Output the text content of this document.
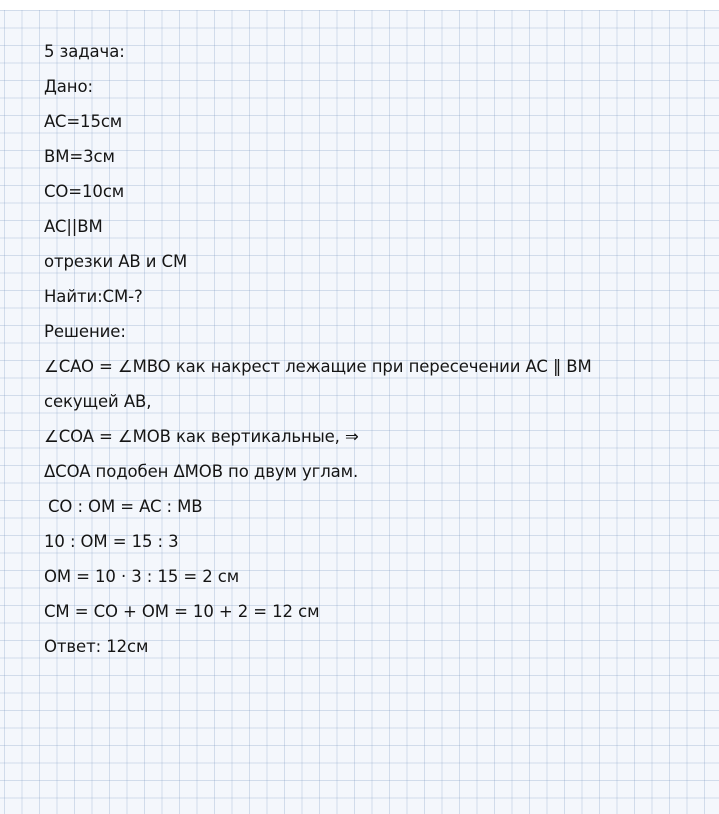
5 задача:
Дано:
AC=15см
BM=3см
CO=10см
AC||BM
отрезки AB и CM
Найти:CM-?
Решение:
∠CAO = ∠MBO как накрест лежащие при пересечении AC ‖ BM
секущей AB,
∠COA = ∠MOB как вертикальные, ⇒
ΔCOA подобен ΔMOB по двум углам.
CO : OM = AC : MB
10 : OM = 15 : 3
OM = 10 · 3 : 15 = 2 см
CM = CO + OM = 10 + 2 = 12 см
Ответ: 12см
